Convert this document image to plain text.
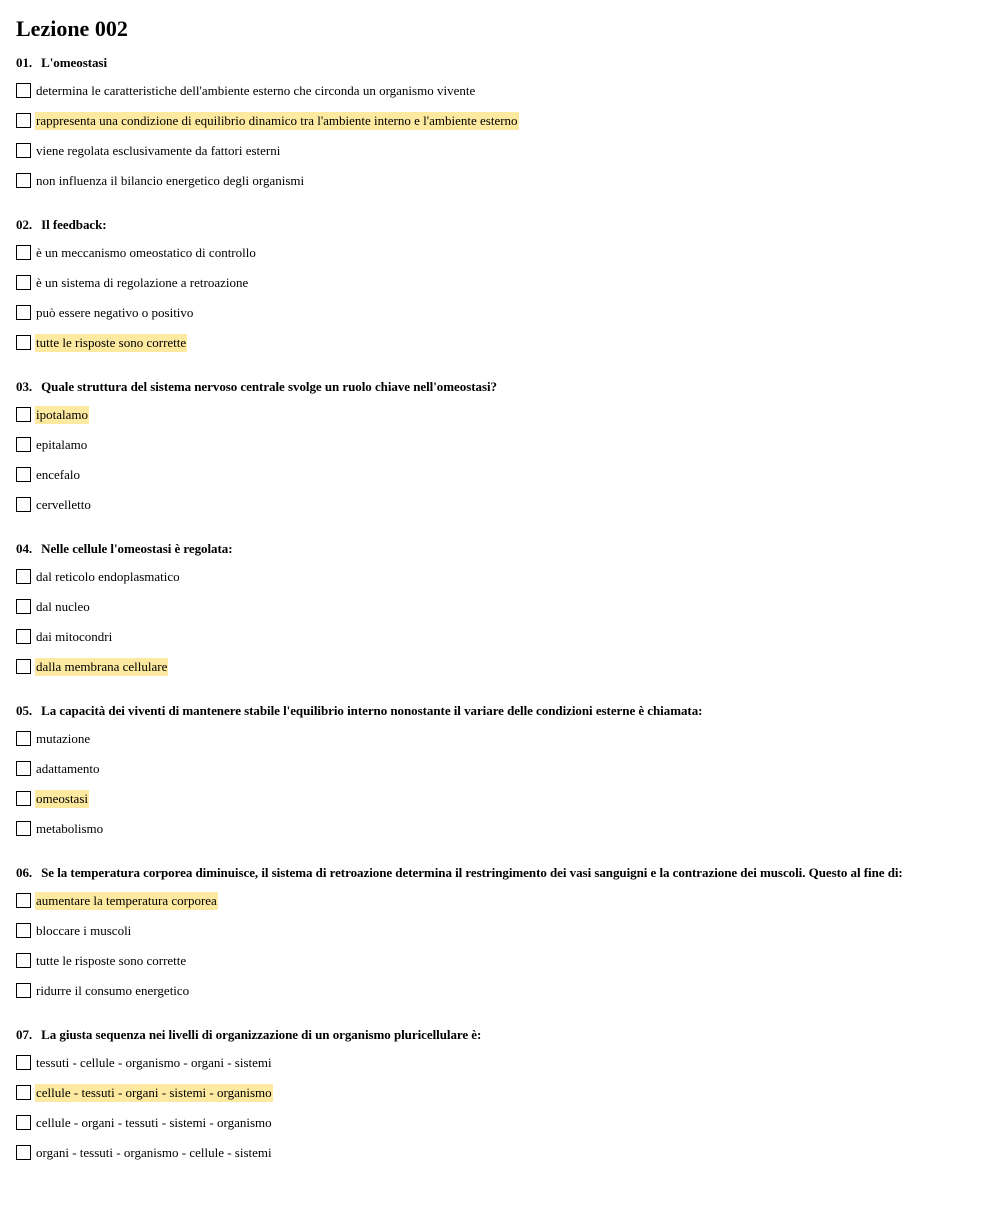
Lezione 002
01. L'omeostasi
determina le caratteristiche dell'ambiente esterno che circonda un organismo vivente
rappresenta una condizione di equilibrio dinamico tra l'ambiente interno e l'ambiente esterno
viene regolata esclusivamente da fattori esterni
non influenza il bilancio energetico degli organismi
02. Il feedback:
è un meccanismo omeostatico di controllo
è un sistema di regolazione a retroazione
può essere negativo o positivo
tutte le risposte sono corrette
03. Quale struttura del sistema nervoso centrale svolge un ruolo chiave nell'omeostasi?
ipotalamo
epitalamo
encefalo
cervelletto
04. Nelle cellule l'omeostasi è regolata:
dal reticolo endoplasmatico
dal nucleo
dai mitocondri
dalla membrana cellulare
05. La capacità dei viventi di mantenere stabile l'equilibrio interno nonostante il variare delle condizioni esterne è chiamata:
mutazione
adattamento
omeostasi
metabolismo
06. Se la temperatura corporea diminuisce, il sistema di retroazione determina il restringimento dei vasi sanguigni e la contrazione dei muscoli. Questo al fine di:
aumentare la temperatura corporea
bloccare i muscoli
tutte le risposte sono corrette
ridurre il consumo energetico
07. La giusta sequenza nei livelli di organizzazione di un organismo pluricellulare è:
tessuti - cellule - organismo - organi - sistemi
cellule - tessuti - organi - sistemi - organismo
cellule - organi - tessuti - sistemi - organismo
organi - tessuti - organismo - cellule - sistemi
